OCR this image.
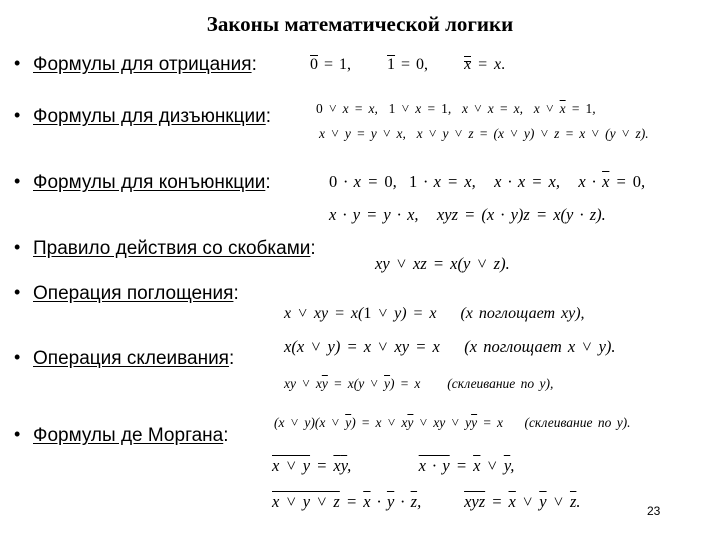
Законы математической логики
• Формулы для отрицания:	0 = 1,      1 = 0,      x = x.
• Формулы для дизъюнкции:	0 ˅ x = x,  1 ˅ x = 1,  x ˅ x = x,  x ˅ $\overline{x} = 1$,
x ˅ y = y ˅ x,  x ˅ y ˅ z = (x ˅ y) ˅ z = x ˅ (y ˅ z).
• Формулы для конъюнкции:	0 · x = 0,  1 · x = x,   x · x = x,   $x \cdot \overline{x} = 0$,
x · y = y · x,   xyz = (x · y)z = x(y · z).
• Правило действия со скобками:
xy ˅ xz = x(y ˅ z).
• Операция поглощения:
x ˅ xy = x(1 ˅ y) = x    (x поглощает xy),
x(x ˅ y) = x ˅ xy = x    (x поглощает x ˅ y).
• Операция склеивания:
xy ˅ $x\overline{y} = x(y$ ˅ $\overline{y}) = x$     (склеивание по y),
• Формулы де Моргана:
(x ˅ y)(x ˅ $\overline{y}) = x$ ˅ $x\overline{y}$ ˅ xy ˅ $y\overline{y} = x$    (склеивание по y).
x ˅ $y = \overline{x}\overline{y}$,           $x \cdot y = \overline{x}$ ˅ $\overline{y}$,
x ˅ y ˅ $z = \overline{x} \cdot \overline{y} \cdot \overline{z}$,       $\overline{xyz} = \overline{x}$ ˅ $\overline{y}$ ˅ $\overline{z}$.	23
